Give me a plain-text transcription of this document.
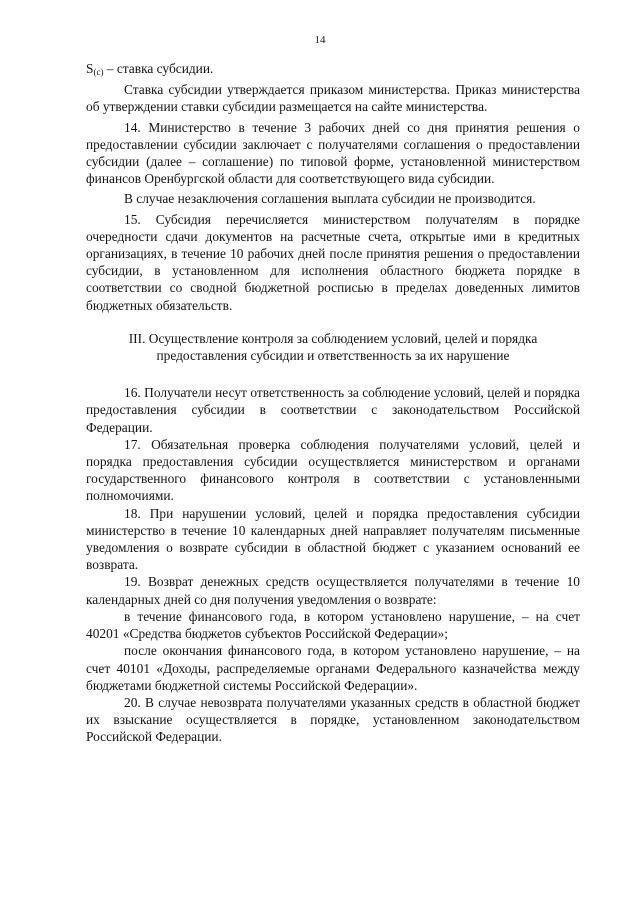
14

$S_{(c)}$ – ставка субсидии.

Ставка субсидии утверждается приказом министерства. Приказ министерства об утверждении ставки субсидии размещается на сайте министерства.

14. Министерство в течение 3 рабочих дней со дня принятия решения о предоставлении субсидии заключает с получателями соглашения о предоставлении субсидии (далее – соглашение) по типовой форме, установленной министерством финансов Оренбургской области для соответствующего вида субсидии.

В случае незаключения соглашения выплата субсидии не производится.

15. Субсидия перечисляется министерством получателям в порядке очередности сдачи документов на расчетные счета, открытые ими в кредитных организациях, в течение 10 рабочих дней после принятия решения о предоставлении субсидии, в установленном для исполнения областного бюджета порядке в соответствии со сводной бюджетной росписью в пределах доведенных лимитов бюджетных обязательств.

III. Осуществление контроля за соблюдением условий, целей и порядка
предоставления субсидии и ответственность за их нарушение

16. Получатели несут ответственность за соблюдение условий, целей и порядка предоставления субсидии в соответствии с законодательством Российской Федерации.

17. Обязательная проверка соблюдения получателями условий, целей и порядка предоставления субсидии осуществляется министерством и органами государственного финансового контроля в соответствии с установленными полномочиями.

18. При нарушении условий, целей и порядка предоставления субсидии министерство в течение 10 календарных дней направляет получателям письменные уведомления о возврате субсидии в областной бюджет с указанием оснований ее возврата.

19. Возврат денежных средств осуществляется получателями в течение 10 календарных дней со дня получения уведомления о возврате:

в течение финансового года, в котором установлено нарушение, – на счет 40201 «Средства бюджетов субъектов Российской Федерации»;

после окончания финансового года, в котором установлено нарушение, – на счет 40101 «Доходы, распределяемые органами Федерального казначейства между бюджетами бюджетной системы Российской Федерации».

20. В случае невозврата получателями указанных средств в областной бюджет их взыскание осуществляется в порядке, установленном законодательством Российской Федерации.
